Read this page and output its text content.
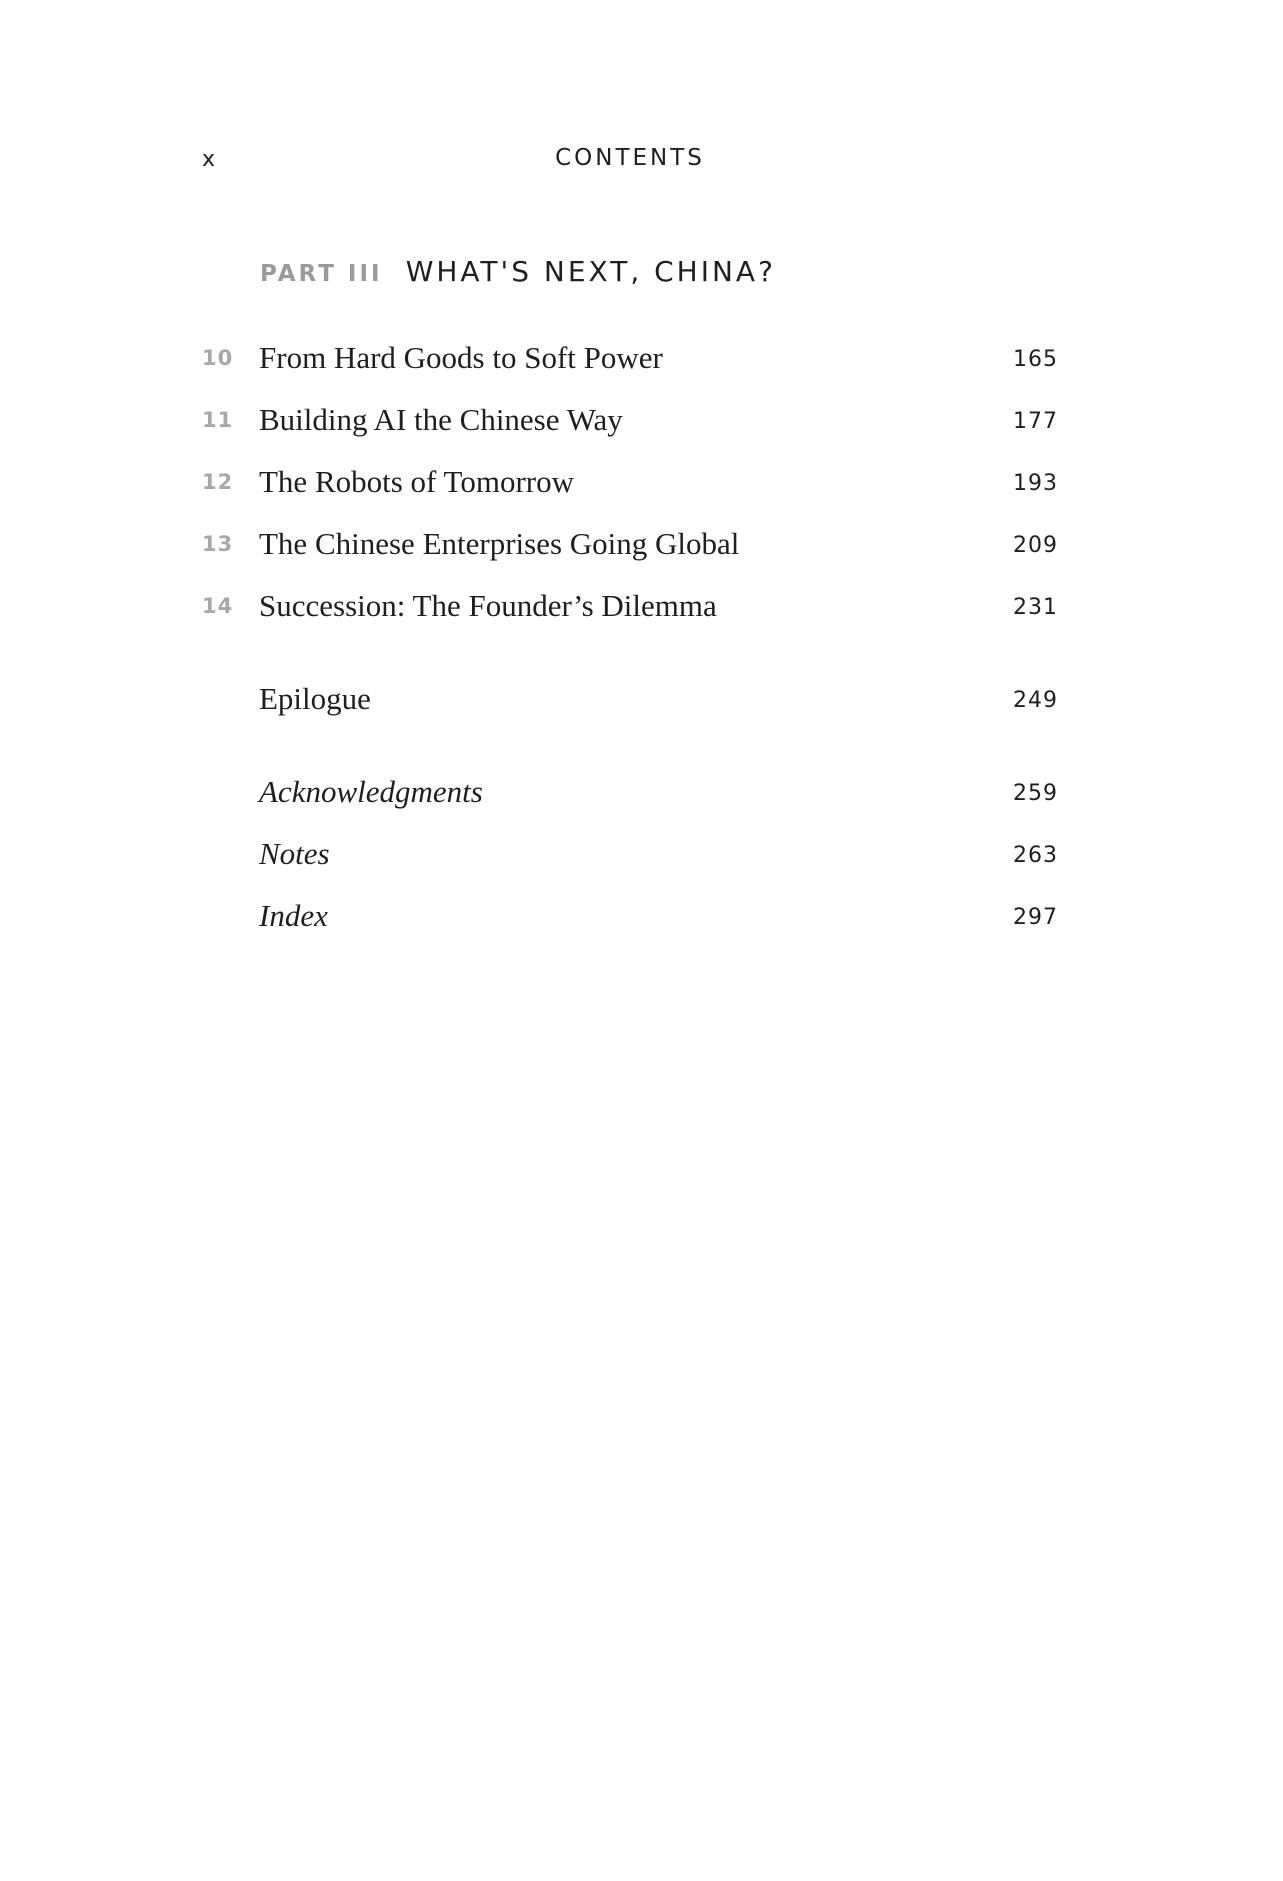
x	CONTENTS
PART III WHAT'S NEXT, CHINA?
10 From Hard Goods to Soft Power	165
11 Building AI the Chinese Way	177
12 The Robots of Tomorrow	193
13 The Chinese Enterprises Going Global	209
14 Succession: The Founder’s Dilemma	231
Epilogue	249
Acknowledgments	259
Notes	263
Index	297
